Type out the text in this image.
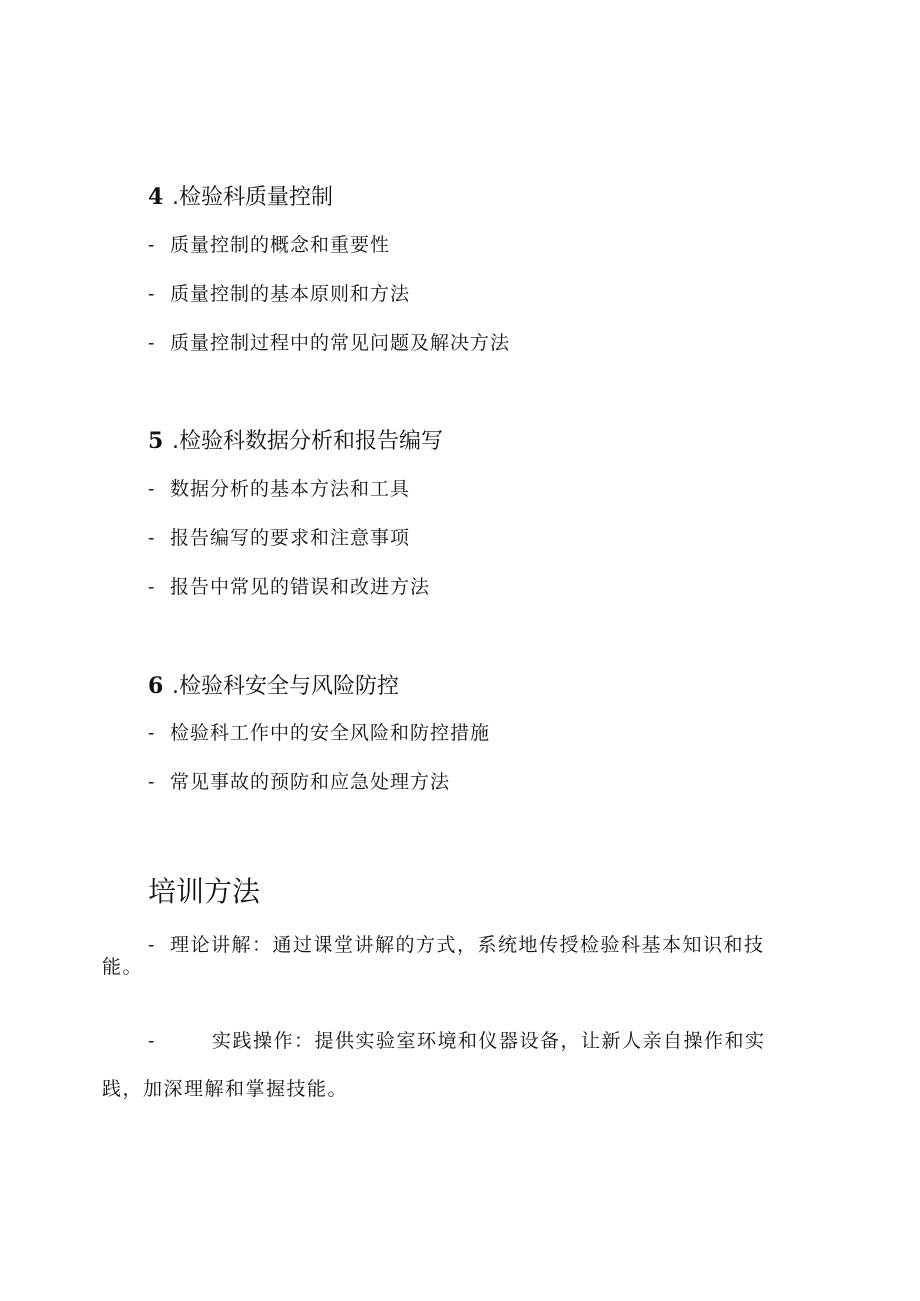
4 .检验科质量控制
- 质量控制的概念和重要性
- 质量控制的基本原则和方法
- 质量控制过程中的常见问题及解决方法
5 .检验科数据分析和报告编写
- 数据分析的基本方法和工具
- 报告编写的要求和注意事项
- 报告中常见的错误和改进方法
6 .检验科安全与风险防控
- 检验科工作中的安全风险和防控措施
- 常见事故的预防和应急处理方法
培训方法
- 理论讲解：通过课堂讲解的方式，系统地传授检验科基本知识和技
能。
-	实践操作：提供实验室环境和仪器设备，让新人亲自操作和实
践，加深理解和掌握技能。
